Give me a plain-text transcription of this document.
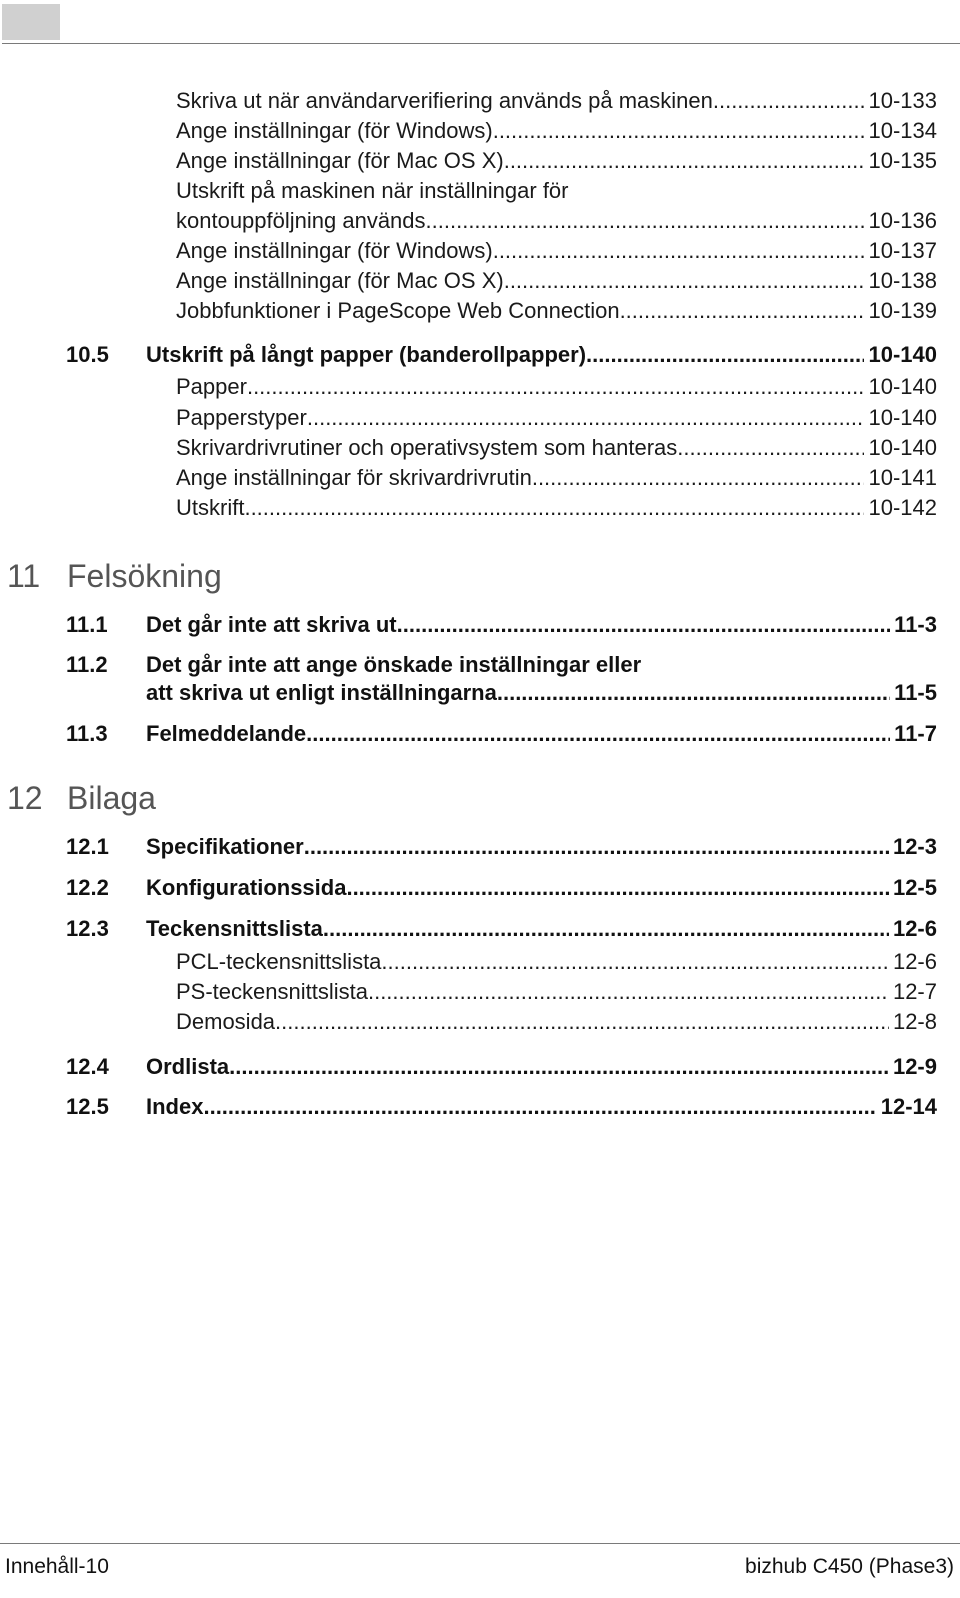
Skriva ut när användarverifiering används på maskinen .....	10-133
Ange inställningar (för Windows) .....	10-134
Ange inställningar (för Mac OS X) .....	10-135
Utskrift på maskinen när inställningar för
kontouppföljning används .....	10-136
Ange inställningar (för Windows) .....	10-137
Ange inställningar (för Mac OS X) .....	10-138
Jobbfunktioner i PageScope Web Connection .....	10-139
10.5	Utskrift på långt papper (banderollpapper) .....	10-140
Papper .....	10-140
Papperstyper .....	10-140
Skrivardrivrutiner och operativsystem som hanteras .....	10-140
Ange inställningar för skrivardrivrutin .....	10-141
Utskrift .....	10-142
11 Felsökning
11.1	Det går inte att skriva ut .....	11-3
11.2 Det går inte att ange önskade inställningar eller
att skriva ut enligt inställningarna .....	11-5
11.3	Felmeddelande .....	11-7
12 Bilaga
12.1	Specifikationer .....	12-3
12.2	Konfigurationssida .....	12-5
12.3	Teckensnittslista .....	12-6
PCL-teckensnittslista .....	12-6
PS-teckensnittslista .....	12-7
Demosida .....	12-8
12.4	Ordlista .....	12-9
12.5	Index .....	12-14
Innehåll-10	bizhub C450 (Phase3)
